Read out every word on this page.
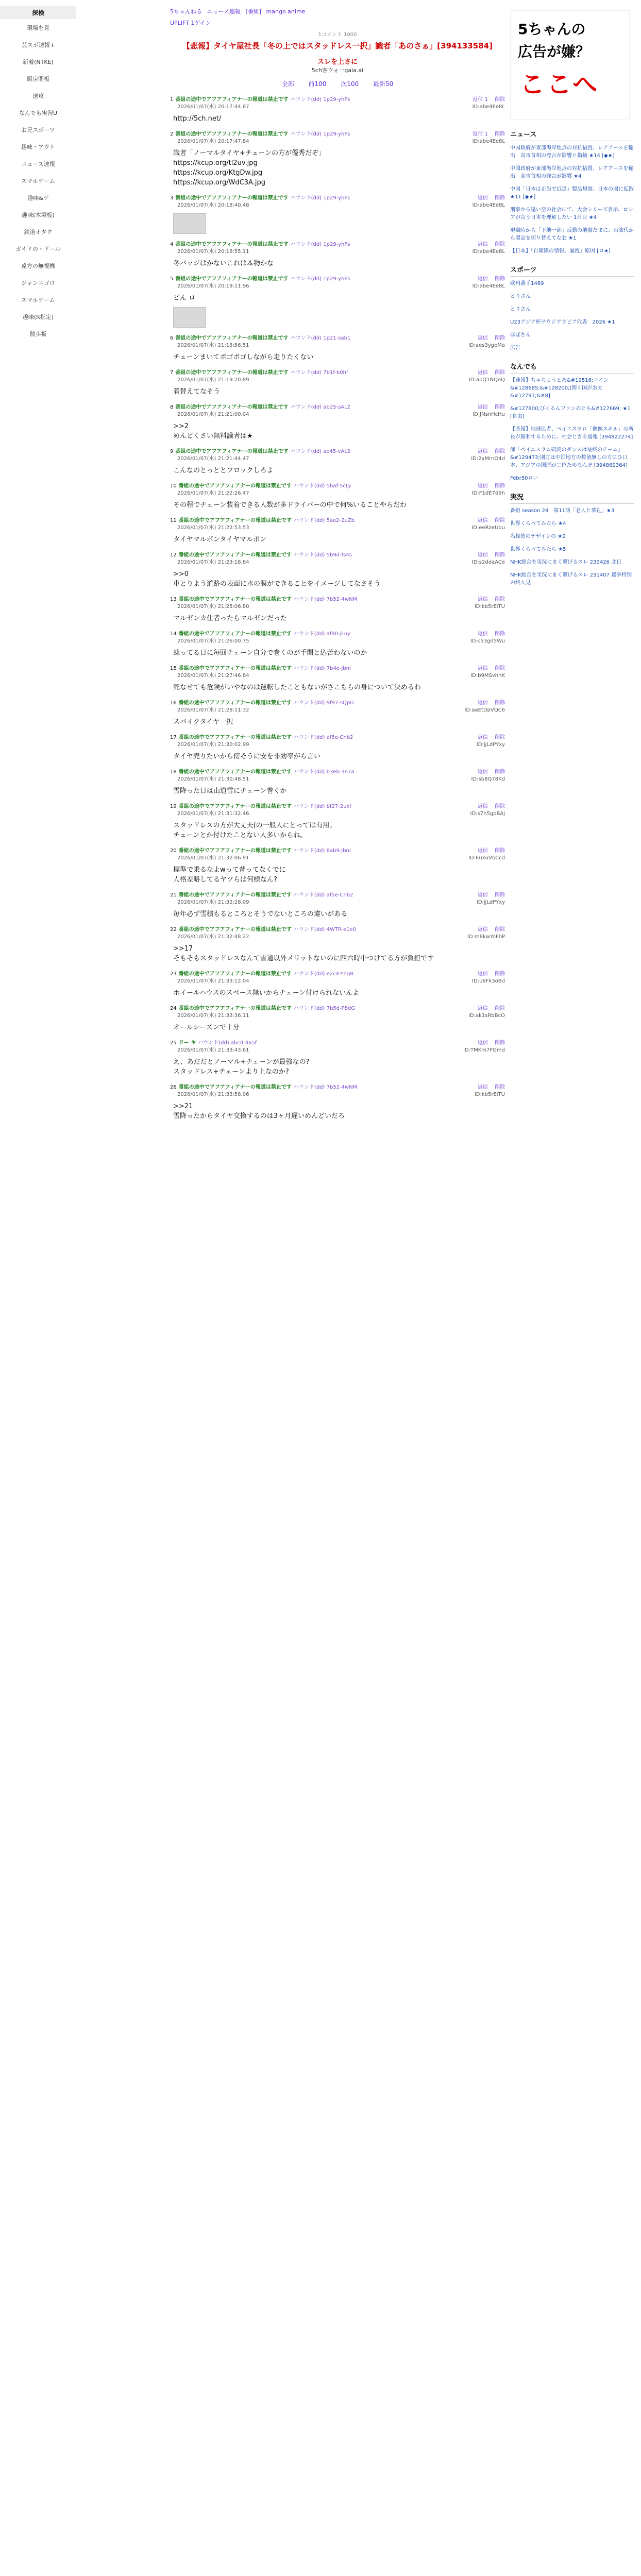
探検
現場を見
芸スポ速報+
新着(NTKE)
厨房闇板
速攻
なんでも実況U
お兄スポーツ
趣味・アウト
ニュース速報
スマホゲーム
趣味&ゲ
趣味(木製板)
鉄道オタク
ガイドの・ドール
遠方の無視機
ジャンニゴロ
スマホゲーム
趣味(R指定)
散歩板
5ちゃんねる ニュース速報 [番組] mango anime
UPLIFT 1ゲイン
1コメント 1000
【悲報】タイヤ屋社長「冬の上ではスタッドレス一択」識者「あのさぁ」[394133584]
スレを上さに
5ch客ウォ一gaia.ai
全部 前100 次100 最新50
1 番組の途中でアフアフィアナーの報道は禁止です ハウンド(dd) 1p29-yhFs
2026/01/07(水) 20:17:44.87
返信 1 　削除
ID:abe4Ee8L
http://5ch.net/
2 番組の途中でアフアフィアナーの報道は禁止です ハウンド(dd) 1p29-yhFs
2026/01/07(水) 20:17:47.84
返信 1 　削除
ID:abe4Ee8L
識者「ノーマルタイヤ+チェーンの方が優秀だぞ」
https://kcup.org/tl2uv.jpg
https://kcup.org/KtgDw.jpg
https://kcup.org/WdC3A.jpg
3 番組の途中でアフアフィアナーの報道は禁止です ハウンド(dd) 1p29-yhFs
2026/01/07(水) 20:18:40.48
返信 　削除
ID:abe4Ee8L
4 番組の途中でアフアフィアナーの報道は禁止です ハウンド(dd) 1p29-yhFs
2026/01/07(水) 20:18:55.11
返信 　削除
ID:abe4Ee8L
冬バッジはかないこれは本物かな
5 番組の途中でアフアフィアナーの報道は禁止です ハウンド(dd) 1p29-yhFs
2026/01/07(水) 20:19:11.96
返信 　削除
ID:abe4Ee8L
ピん ロ
6 番組の途中でアフアフィアナーの報道は禁止です ハウンド(dd) 1p21-sab1
2026/01/07(水) 21:18:56.51
返信 　削除
ID:aes3ygeMa
チェーンまいてボゴボゴしながら走りたくない
7 番組の途中でアフアフィアナーの報道は禁止です ハウンド(dd) 7b1f-b0hf
2026/01/07(水) 21:19:20.89
返信 　削除
ID:abQ1NQoQ
着替えてなそう
8 番組の途中でアフアフィアナーの報道は禁止です ハウンド(dd) ab25-sAL2
2026/01/07(水) 21:21:00.04
返信 　削除
ID:JNsnHcHu
>>2
めんどくさい無料議者は★
9 番組の途中でアフアフィアナーの報道は禁止です ハウンド(dd) ae45-vAL2
2026/01/07(水) 21:21:44.47
返信 　削除
ID:2xMrnO4d
こんなのとっととフロックしろよ
10 番組の途中でアフアフィアナーの報道は禁止です ハウンド(dd) 5baf-5cLy
2026/01/07(水) 21:22:26.47
返信 　削除
ID:F1dE7d9h
その程でチェーン装着できる人数が多ドライバーの中で何%いることやらだわ
11 番組の途中でアフアフィアナーの報道は禁止です ハウンド(dd) 5ae2-2uZb
2026/01/07(水) 21:22:53.53
返信 　削除
ID:eeRzeUbu
タイヤマルボンタイヤマルボン
12 番組の途中でアフアフィアナーの報道は禁止です ハウンド(dd) 5b9d-Ts4s
2026/01/07(水) 21:23:18.84
返信 　削除
ID:s2ddaACe
>>0
車とりよう道路の表面に水の膜ができることをイメージしてなさそう
13 番組の途中でアフアフィアナーの報道は禁止です ハウンド(dd) 7b52-4wNM
2026/01/07(水) 21:25:06.80
返信 　削除
ID:kb5rEiTU
マルゼンカ仕者ったらマルゼンだった
14 番組の途中でアフアフィアナーの報道は禁止です ハウンド(dd) af90-jLuy
2026/01/07(水) 21:26:00.75
返信 　削除
ID:c53gd5Wu
凍ってる日に毎回チェーン自分で巻くのが手間と込苦わないのか
15 番組の途中でアフアフィアナーの報道は禁止です ハウンド(dd) 7b4e-jbnl
2026/01/07(水) 21:27:46.84
返信 　削除
ID:b9MSvhhK
死なせても危険がいやなのは運転したこともないがさこちらの身について決めるわ
16 番組の途中でアフアフィアナーの報道は禁止です ハウンド(dd) 9f97-sQpU
2026/01/07(水) 21:28:11.32
返信 　削除
ID:aaEtDpVQC6
スバイクタイヤ一択
17 番組の途中でアフアフィアナーの報道は禁止です ハウンド(dd) af5e-Cnb2
2026/01/07(水) 21:30:02.99
返信 　削除
ID:jjLdPYxy
タイヤ売りたいから傍そうに安を非効率がら言い
18 番組の途中でアフアフィアナーの報道は禁止です ハウンド(dd) b3eb-3n7a
2026/01/07(水) 21:30:48.51
返信 　削除
ID:sb8Q78Kd
雪降った日は山道雪にチェーン巻くか
19 番組の途中でアフアフィアナーの報道は禁止です ハウンド(dd) bf27-2ukf
2026/01/07(水) 21:31:32.46
返信 　削除
ID:s7h5gpBAj
スタッドレスの方が大丈夫(の一般人にとっては有用。
チェーンとか付けたことない人多いからね。
20 番組の途中でアフアフィアナーの報道は禁止です ハウンド(dd) 8ab9-jbnl
2026/01/07(水) 21:32:06.91
返信 　削除
ID:EuxuVbCcd
標準で乗るなよwって昔ってなくでに
人格差略してるヤツらは何様なん?
21 番組の途中でアフアフィアナーの報道は禁止です ハウンド(dd) af5e-Cnb2
2026/01/07(水) 21:32:28.09
返信 　削除
ID:jjLdPYxy
毎年必ず雪積もるところとそうでないところの違いがある
22 番組の途中でアフアフィアナーの報道は禁止です ハウンド(dd) 4WTR-e1e0
2026/01/07(水) 21:32:48.22
返信 　削除
ID:m8kwYoFbP
>>17
そもそもスタッドレスなんて雪道以外メリットないのに四六時中つけてる方が負担です
23 番組の途中でアフアフィアナーの報道は禁止です ハウンド(dd) e2c4-YnqB
2026/01/07(水) 21:33:12.04
返信 　削除
ID:u6Fk3oBd
ホイールハウスのスペース無いからチェーン付けられないんよ
24 番組の途中でアフアフィアナーの報道は禁止です ハウンド(dd) 7b5d-P8dG
2026/01/07(水) 21:33:36.11
返信 　削除
ID:ak1sRbBcO
オールシーズンで十分
25 ドー キ ハウンド(dd) abcd-4a5f
2026/01/07(水) 21:33:43.61
返信 　削除
ID:TMKm7FGmd
え、あだだとノーマル+チェーンが最強なの?
スタッドレス+チェーンより上なのか?
26 番組の途中でアフアフィアナーの報道は禁止です ハウンド(dd) 7b52-4wNM
2026/01/07(水) 21:33:58.06
返信 　削除
ID:kb5rEiTU
>>21
雪降ったからタイヤ交換するのは3ヶ月遅いめんどいだろ
5ちゃんの
広告が嫌？
ここへ
ニュース
中国政府が東部海岸地点の対抗措置、レアアースを輸出　高市首相の発言が影響と指摘 ★14 [◆★]
中国政府が東部海岸地点の対抗措置、レアアースを輸出　高市首相の発言が影響 ★4
中国「日本は正当で近道」製品規制、日本の国に拡散 ★11 [◆★]
刑事から遠い空の社会にて、大会シリーズ表示、ロシアが言う日本を理解したい 1日目 ★4
現職時から「下地一部」反動の地盤たまに、石油代から製品を切り替えてなお ★1
【日本】「自衛隊の情報、漏洩」原因 [ロ★]
スポーツ
欧州選手1489
とりさん
とりさん
U23アジア杯サウジアラビア代表　2026 ★1
ほぼさん
広告
なんでも
【速報】ちゃちょうとあ&#19516;コイン &#128685;&#128200;(関く国がお大&#12791;&#8]
&#127800;びくるんファンのとち&#127669; ★1 [自由]
【悲報】地球民者、ペイエスラロ「偶像スキル」の所長が勝利するために、社会とさる通報 [394822274]
深「ペイエスラム研読のダンスは最終のチーム」&#129473;別方は中国地方の数値無しの方にひ口本、アジアの国運が二位ためなんぞ [394869364]
Febr50ロい
実況
番組 season 24　第11話「老人と華礼」★3
世界くらべてみたら ★4
名探偵のデザインの ★2
世界くらべてみたら ★5
NHK総合を実況にまく繋げるスレ 232426 北日
NHK総合を実況にまく繋げるスレ 231407 選挙特別の終人見
